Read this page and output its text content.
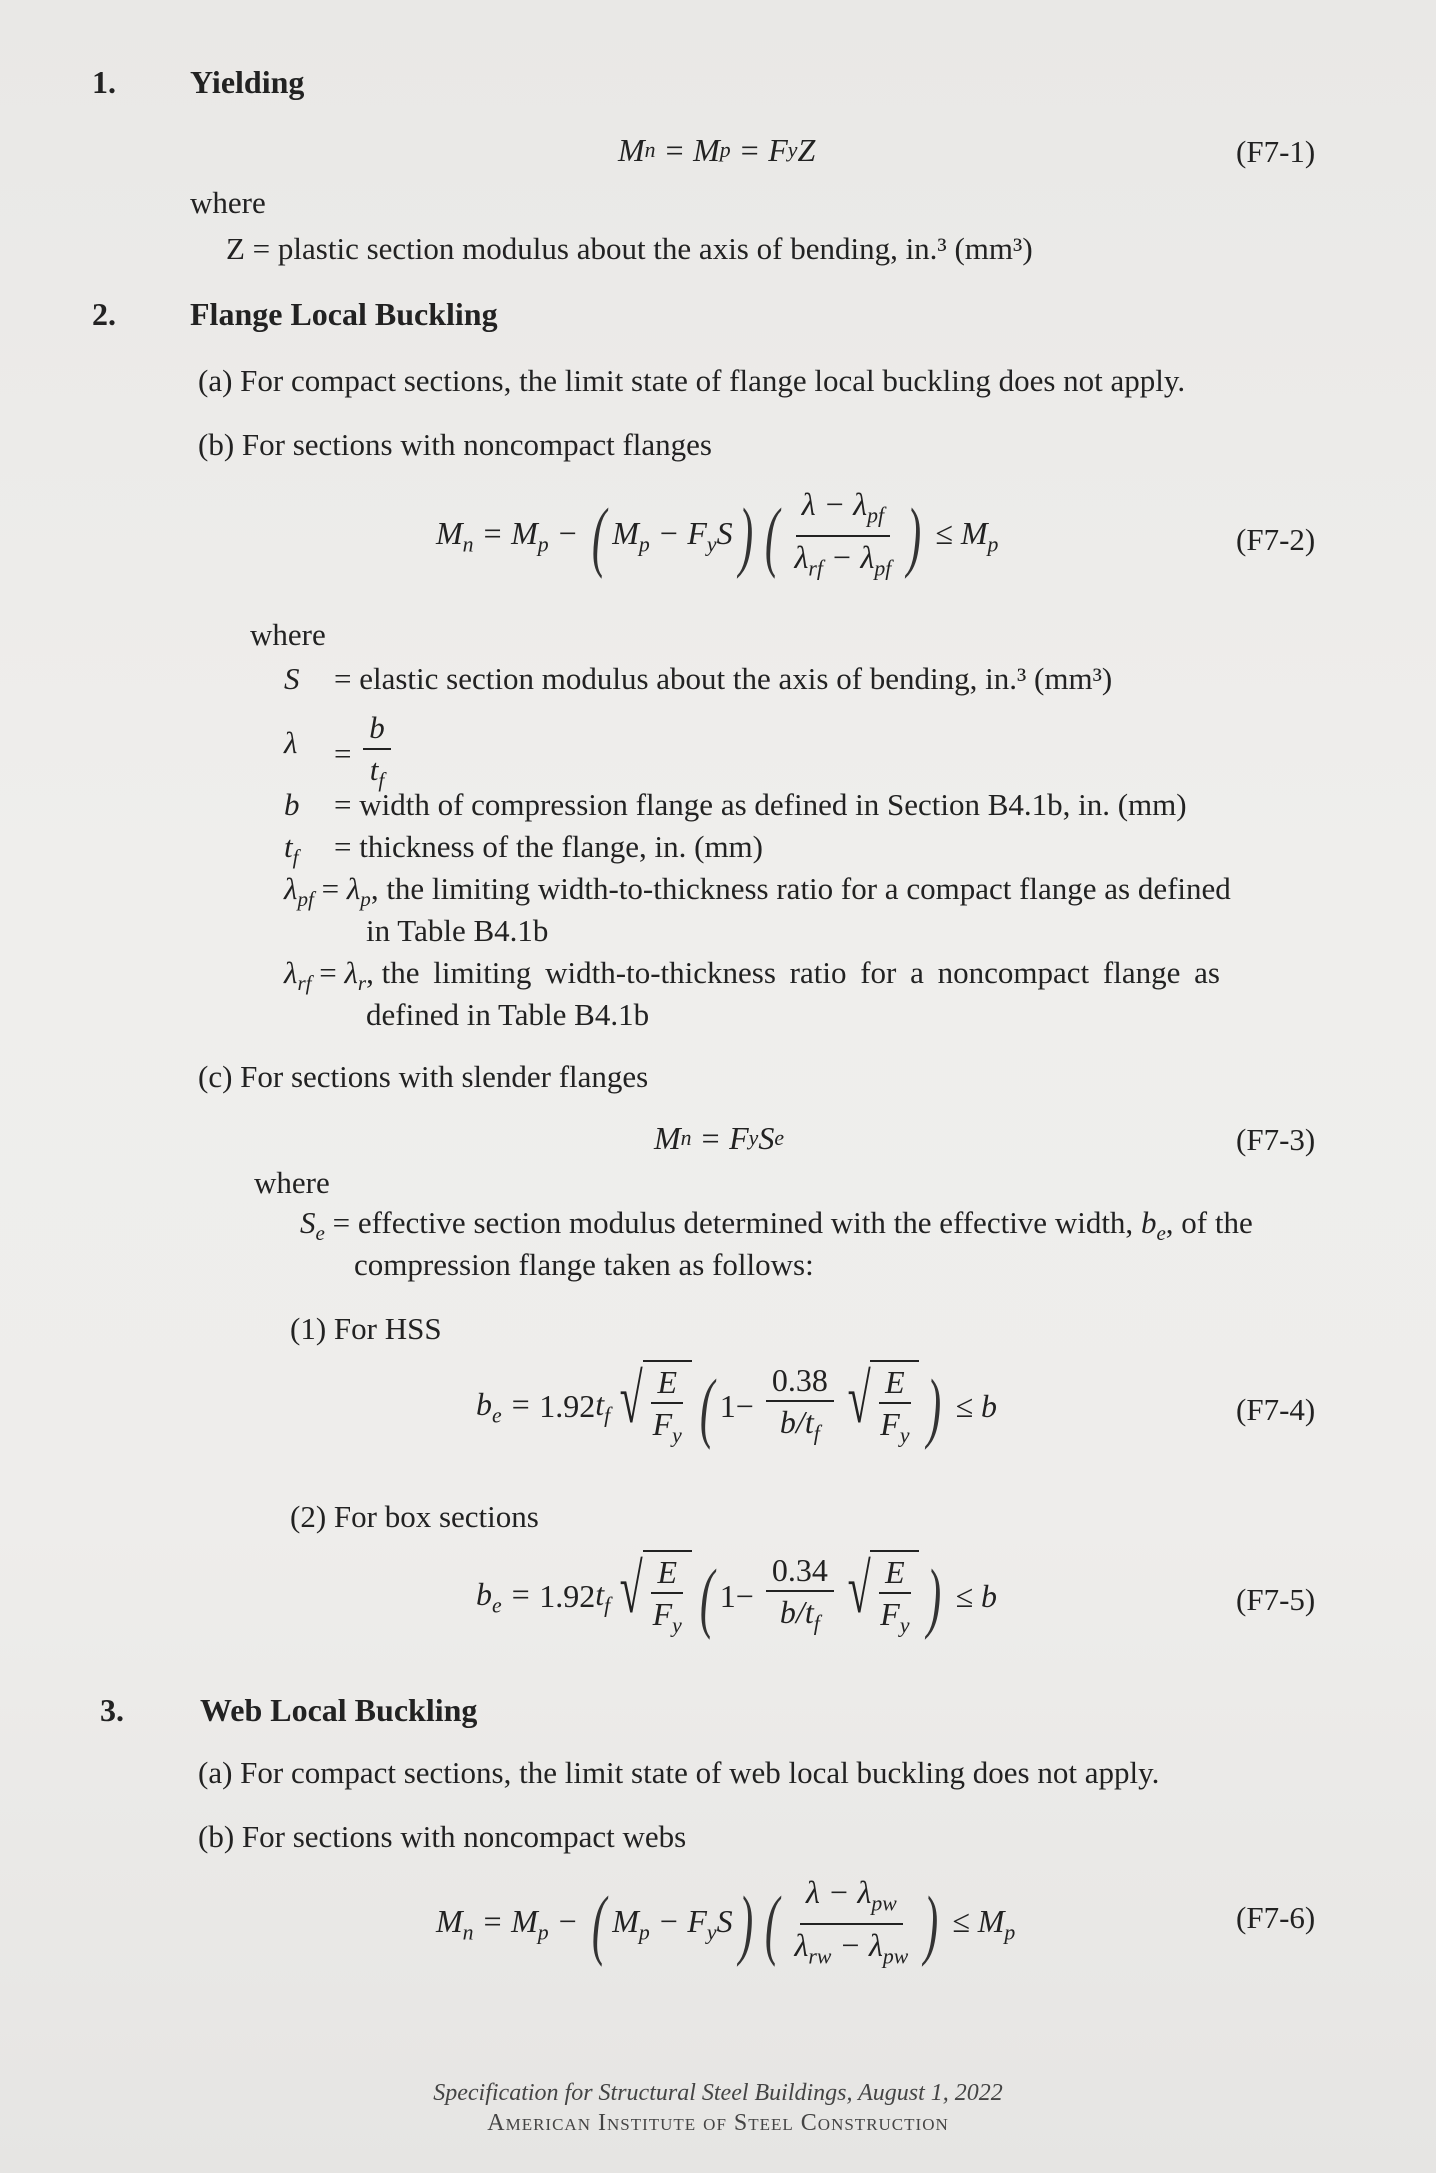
1. Yielding
M n = M p = F y Z	(F7-1)
where
Z = plastic section modulus about the axis of bending, in.³ (mm³)
2. Flange Local Buckling
(a) For compact sections, the limit state of flange local buckling does not apply.
(b) For sections with noncompact flanges
$M_n = M_p$ − ( $M_p - F_yS$ ) ( $\frac{\lambda - \lambda_{pf}}{\lambda_{rf} - \lambda_{pf}}$ ) ≤ $M_p$	(F7-2)
where
S = elastic section modulus about the axis of bending, in.³ (mm³)
$\lambda = \frac{b}{t_f}$
b = width of compression flange as defined in Section B4.1b, in. (mm)
$t_f$ = thickness of the flange, in. (mm)
$\lambda_{pf} = \lambda_p$, the limiting width-to-thickness ratio for a compact flange as defined
in Table B4.1b
$\lambda_{rf} = \lambda_r$, the limiting width-to-thickness ratio for a noncompact flange as
defined in Table B4.1b
(c) For sections with slender flanges
M n = F y S e	(F7-3)
where
$S_e$ = effective section modulus determined with the effective width, $b_e$, of the
compression flange taken as follows:
(1) For HSS
$b_e = 1.92$ $t_f$ √ $\frac{E}{F_y}$ ( $1- \frac{0.38}{b/t_f}$ √ $\frac{E}{F_y}$ ) ≤ b	(F7-4)
(2) For box sections
$b_e = 1.92$ $t_f$ √ $\frac{E}{F_y}$ ( $1- \frac{0.34}{b/t_f}$ √ $\frac{E}{F_y}$ ) ≤ b	(F7-5)
3. Web Local Buckling
(a) For compact sections, the limit state of web local buckling does not apply.
(b) For sections with noncompact webs
$M_n = M_p$ − ( $M_p - F_yS$ ) ( $\frac{\lambda - \lambda_{pw}}{\lambda_{rw} - \lambda_{pw}}$ ) ≤ $M_p$	(F7-6)
Specification for Structural Steel Buildings, August 1, 2022
American Institute of Steel Construction
